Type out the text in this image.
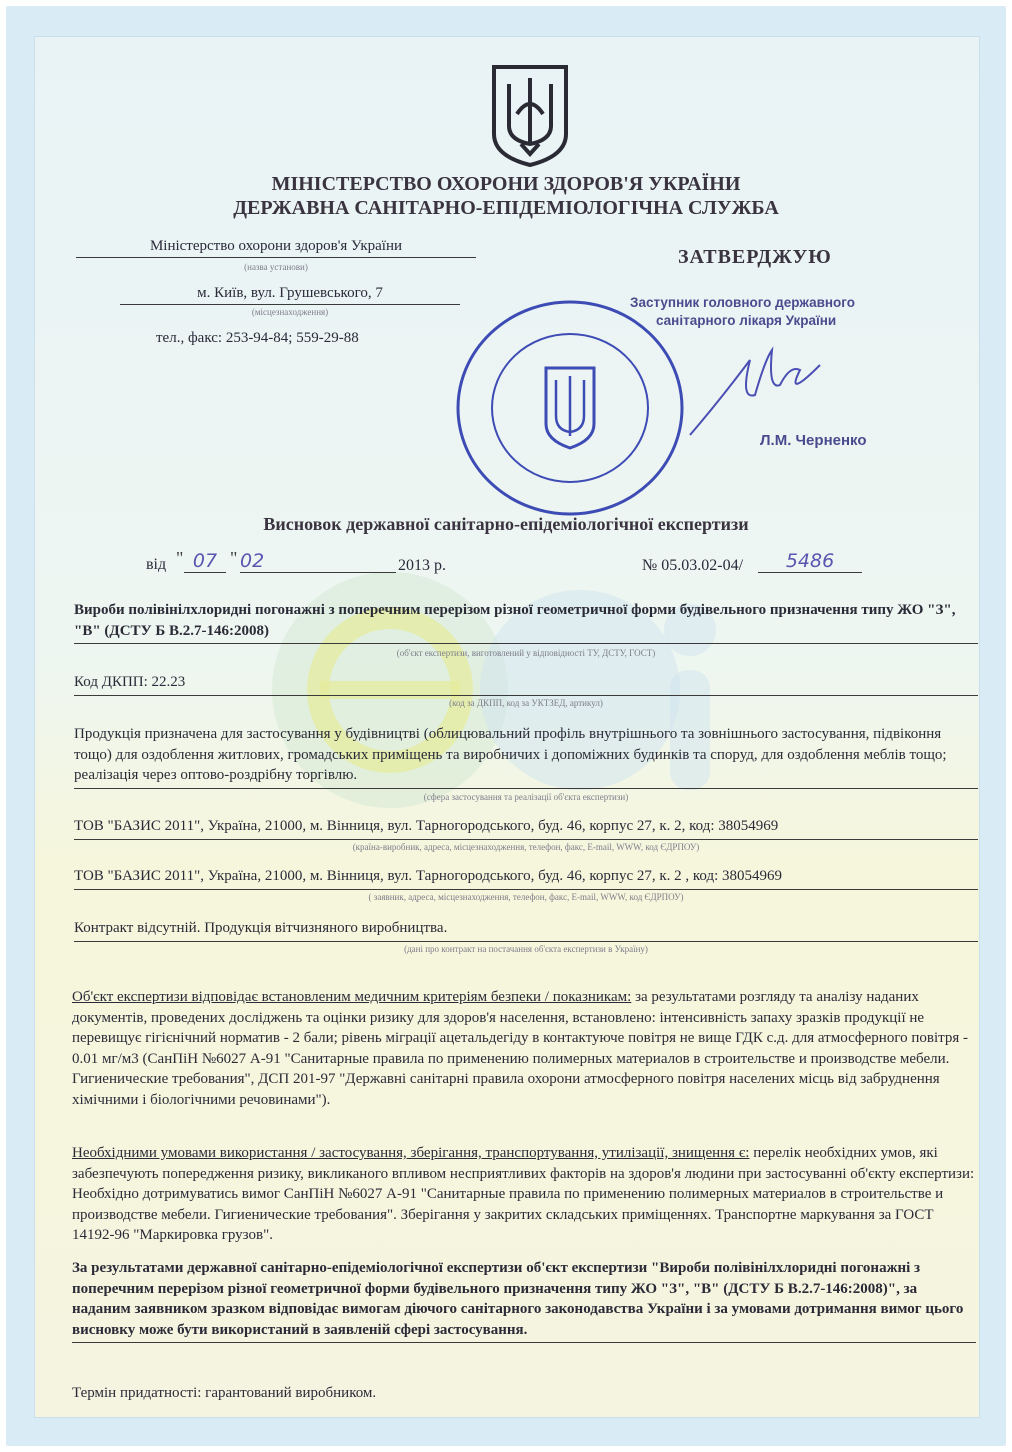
МІНІСТЕРСТВО ОХОРОНИ ЗДОРОВ'Я УКРАЇНИ
ДЕРЖАВНА САНІТАРНО-ЕПІДЕМІОЛОГІЧНА СЛУЖБА
Міністерство охорони здоров'я України
(назва установи)
м. Київ, вул. Грушевського, 7
(місцезнаходження)
тел., факс: 253-94-84; 559-29-88
ЗАТВЕРДЖУЮ
Заступник головного державного
санітарного лікаря України
Л.М. Черненко
Висновок державної санітарно-епідеміологічної експертизи
від " 07 " 02	2013 р.	№ 05.03.02-04/	5486
Вироби полівінілхлоридні погонажні з поперечним перерізом різної геометричної форми будівельного призначення типу ЖО "З", "В" (ДСТУ Б В.2.7-146:2008)
(об'єкт експертизи, виготовлений у відповідності ТУ, ДСТУ, ГОСТ)
Код ДКПП: 22.23
(код за ДКПП, код за УКТЗЕД, артикул)
Продукція призначена для застосування у будівництві (облицювальний профіль внутрішнього та зовнішнього застосування, підвіконня тощо) для оздоблення житлових, громадських приміщень та виробничих і допоміжних будинків та споруд, для оздоблення меблів тощо; реалізація через оптово-роздрібну торгівлю.
(сфера застосування та реалізації об'єкта експертизи)
ТОВ "БАЗИС 2011", Україна, 21000, м. Вінниця, вул. Тарногородського, буд. 46, корпус 27, к. 2, код: 38054969
(країна-виробник, адреса, місцезнаходження, телефон, факс, E-mail, WWW, код ЄДРПОУ)
ТОВ "БАЗИС 2011", Україна, 21000, м. Вінниця, вул. Тарногородського, буд. 46, корпус 27, к. 2 , код: 38054969
( заявник, адреса, місцезнаходження, телефон, факс, E-mail, WWW, код ЄДРПОУ)
Контракт відсутній. Продукція вітчизняного виробництва.
(дані про контракт на постачання об'єкта експертизи в Україну)
Об'єкт експертизи відповідає встановленим медичним критеріям безпеки / показникам: за результатами розгляду та аналізу наданих документів, проведених досліджень та оцінки ризику для здоров'я населення, встановлено: інтенсивність запаху зразків продукції не перевищує гігієнічний норматив - 2 бали; рівень міграції ацетальдегіду в контактуюче повітря не вище ГДК с.д. для атмосферного повітря - 0.01 мг/м3 (СанПіН №6027 А-91 "Санитарные правила по применению полимерных материалов в строительстве и производстве мебели. Гигиенические требования", ДСП 201-97 "Державні санітарні правила охорони атмосферного повітря населених місць від забруднення хімічними і біологічними речовинами").
Необхідними умовами використання / застосування, зберігання, транспортування, утилізації, знищення є: перелік необхідних умов, які забезпечують попередження ризику, викликаного впливом несприятливих факторів на здоров'я людини при застосуванні об'єкту експертизи: Необхідно дотримуватись вимог СанПіН №6027 А-91 "Санитарные правила по применению полимерных материалов в строительстве и производстве мебели. Гигиенические требования". Зберігання у закритих складських приміщеннях. Транспортне маркування за ГОСТ 14192-96 "Маркировка грузов".
За результатами державної санітарно-епідеміологічної експертизи об'єкт експертизи "Вироби полівінілхлоридні погонажні з поперечним перерізом різної геометричної форми будівельного призначення типу ЖО "З", "В" (ДСТУ Б В.2.7-146:2008)", за наданим заявником зразком відповідає вимогам діючого санітарного законодавства України і за умовами дотримання вимог цього висновку може бути використаний в заявленій сфері застосування.
Термін придатності: гарантований виробником.
